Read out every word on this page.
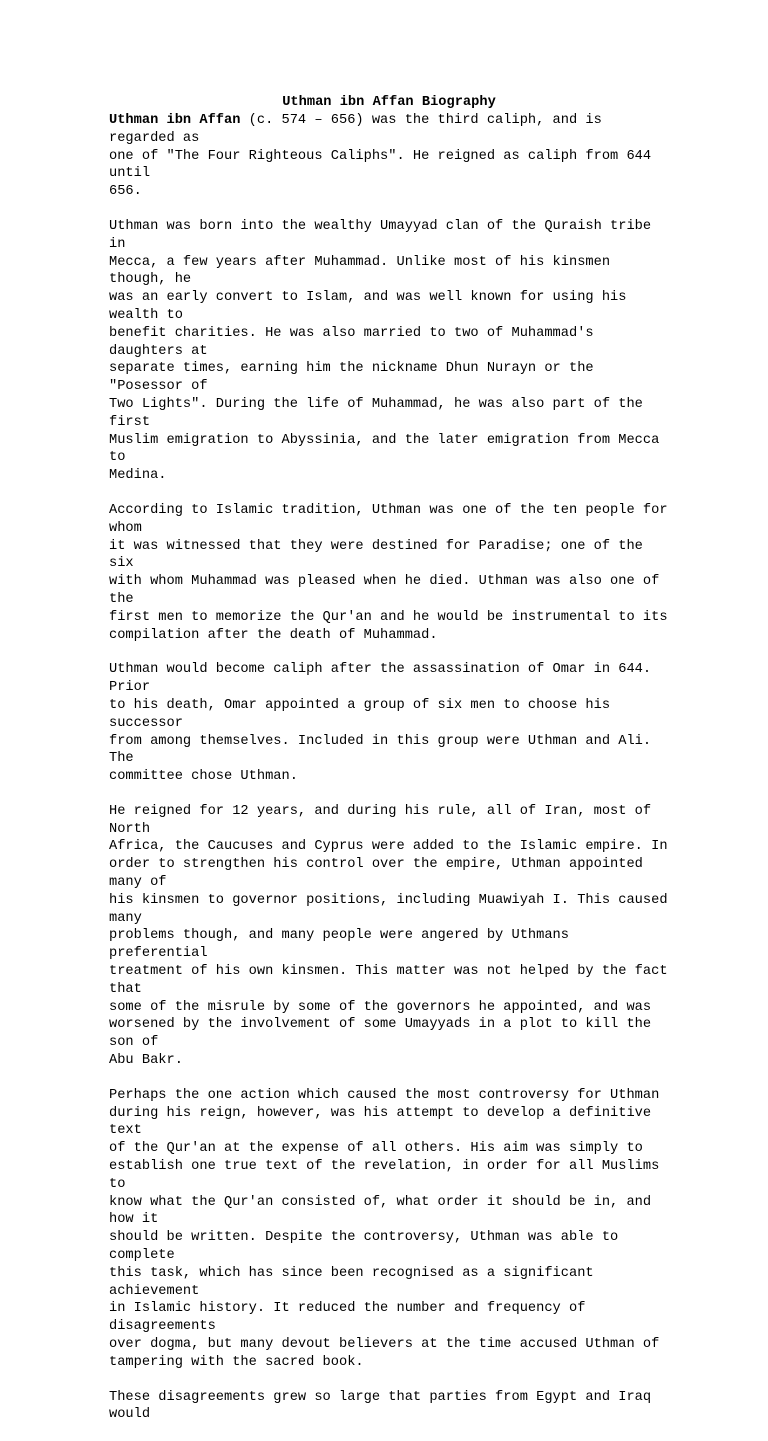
Uthman ibn Affan Biography

Uthman ibn Affan (c. 574 – 656) was the third caliph, and is regarded as
one of "The Four Righteous Caliphs". He reigned as caliph from 644 until
656.

Uthman was born into the wealthy Umayyad clan of the Quraish tribe in
Mecca, a few years after Muhammad. Unlike most of his kinsmen though, he
was an early convert to Islam, and was well known for using his wealth to
benefit charities. He was also married to two of Muhammad's daughters at
separate times, earning him the nickname Dhun Nurayn or the "Posessor of
Two Lights". During the life of Muhammad, he was also part of the first
Muslim emigration to Abyssinia, and the later emigration from Mecca to
Medina.

According to Islamic tradition, Uthman was one of the ten people for whom
it was witnessed that they were destined for Paradise; one of the six
with whom Muhammad was pleased when he died. Uthman was also one of the
first men to memorize the Qur'an and he would be instrumental to its
compilation after the death of Muhammad.

Uthman would become caliph after the assassination of Omar in 644. Prior
to his death, Omar appointed a group of six men to choose his successor
from among themselves. Included in this group were Uthman and Ali. The
committee chose Uthman.

He reigned for 12 years, and during his rule, all of Iran, most of North
Africa, the Caucuses and Cyprus were added to the Islamic empire. In
order to strengthen his control over the empire, Uthman appointed many of
his kinsmen to governor positions, including Muawiyah I. This caused many
problems though, and many people were angered by Uthmans preferential
treatment of his own kinsmen. This matter was not helped by the fact that
some of the misrule by some of the governors he appointed, and was
worsened by the involvement of some Umayyads in a plot to kill the son of
Abu Bakr.

Perhaps the one action which caused the most controversy for Uthman
during his reign, however, was his attempt to develop a definitive text
of the Qur'an at the expense of all others. His aim was simply to
establish one true text of the revelation, in order for all Muslims to
know what the Qur'an consisted of, what order it should be in, and how it
should be written. Despite the controversy, Uthman was able to complete
this task, which has since been recognised as a significant achievement
in Islamic history. It reduced the number and frequency of disagreements
over dogma, but many devout believers at the time accused Uthman of
tampering with the sacred book.

These disagreements grew so large that parties from Egypt and Iraq would
